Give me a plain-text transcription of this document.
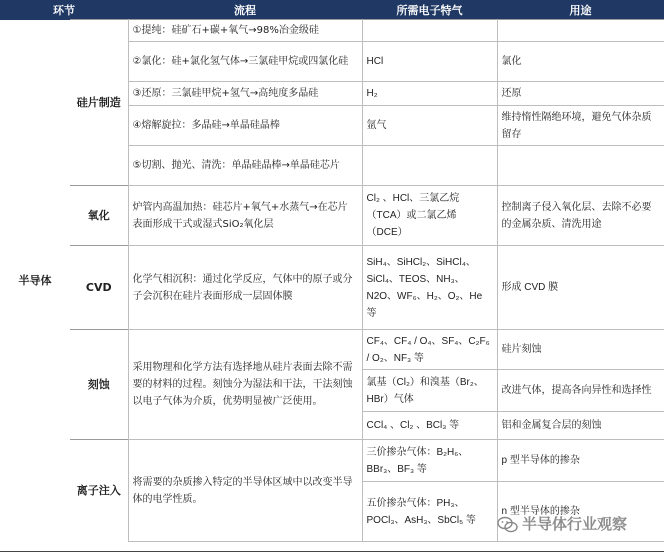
环节		流程	所需电子特气	用途
半导体	硅片制造	①提纯：硅矿石+碳+氧气→98%冶金级硅		
		②氯化：硅+氯化氢气体→三氯硅甲烷或四氯化硅	HCl	氯化
		③还原：三氯硅甲烷+氢气→高纯度多晶硅	H₂	还原
		④熔解旋拉：多晶硅→单晶硅晶棒	氩气	维持惰性隔绝环境，避免气体杂质留存
		⑤切割、抛光、清洗：单晶硅晶棒→单晶硅芯片		
	氧化	炉管内高温加热：硅芯片+氧气+水蒸气→在芯片表面形成干式或湿式SiO₂氧化层	Cl₂ 、HCl、三氯乙烷（TCA）或二氯乙烯（DCE）	控制离子侵入氧化层、去除不必要的金属杂质、清洗用途
	CVD	化学气相沉积：通过化学反应，气体中的原子或分子会沉积在硅片表面形成一层固体膜	SiH₄、SiHCl₂、SiHCl₄、SiCl₄、TEOS、NH₃、N2O、WF₆、H₂、O₂、He 等	形成 CVD 膜
	刻蚀	采用物理和化学方法有选择地从硅片表面去除不需要的材料的过程。刻蚀分为湿法和干法，干法刻蚀以电子气体为介质，优势明显被广泛使用。	CF₄、CF₄ / O₄、SF₄、C₂F₆ / O₂、NF₃ 等	硅片刻蚀
			氯基（Cl₂）和溴基（Br₂、HBr）气体	改进气体，提高各向异性和选择性
			CCl₄ 、Cl₂ 、BCl₃ 等	铝和金属复合层的刻蚀
	离子注入	将需要的杂质掺入特定的半导体区域中以改变半导体的电学性质。	三价掺杂气体：B₂H₆、BBr₃、BF₃ 等	p 型半导体的掺杂
			五价掺杂气体：PH₃、POCl₃、AsH₃、SbCl₅ 等	n 型半导体的掺杂
半导体行业观察
